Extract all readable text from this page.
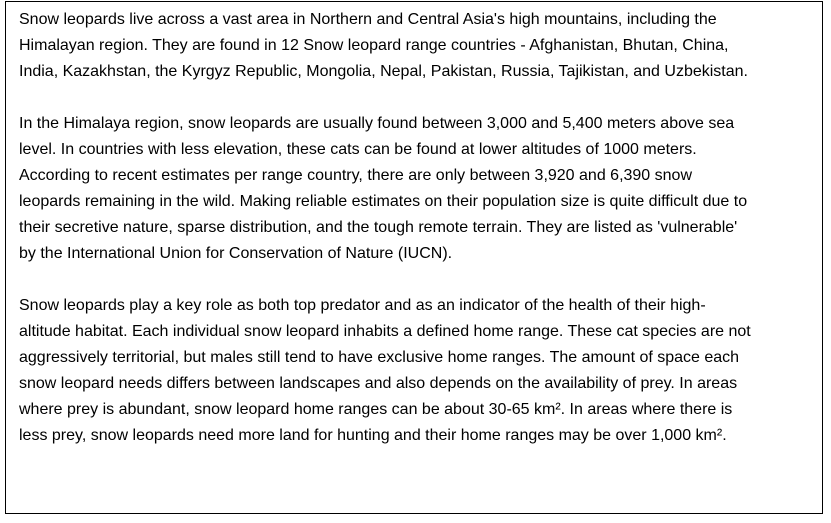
Snow leopards live across a vast area in Northern and Central Asia's high mountains, including the
Himalayan region. They are found in 12 Snow leopard range countries - Afghanistan, Bhutan, China,
India, Kazakhstan, the Kyrgyz Republic, Mongolia, Nepal, Pakistan, Russia, Tajikistan, and Uzbekistan.

In the Himalaya region, snow leopards are usually found between 3,000 and 5,400 meters above sea
level. In countries with less elevation, these cats can be found at lower altitudes of 1000 meters.
According to recent estimates per range country, there are only between 3,920 and 6,390 snow
leopards remaining in the wild. Making reliable estimates on their population size is quite difficult due to
their secretive nature, sparse distribution, and the tough remote terrain. They are listed as 'vulnerable'
by the International Union for Conservation of Nature (IUCN).

Snow leopards play a key role as both top predator and as an indicator of the health of their high-
altitude habitat. Each individual snow leopard inhabits a defined home range. These cat species are not
aggressively territorial, but males still tend to have exclusive home ranges. The amount of space each
snow leopard needs differs between landscapes and also depends on the availability of prey. In areas
where prey is abundant, snow leopard home ranges can be about 30-65 km². In areas where there is
less prey, snow leopards need more land for hunting and their home ranges may be over 1,000 km².
